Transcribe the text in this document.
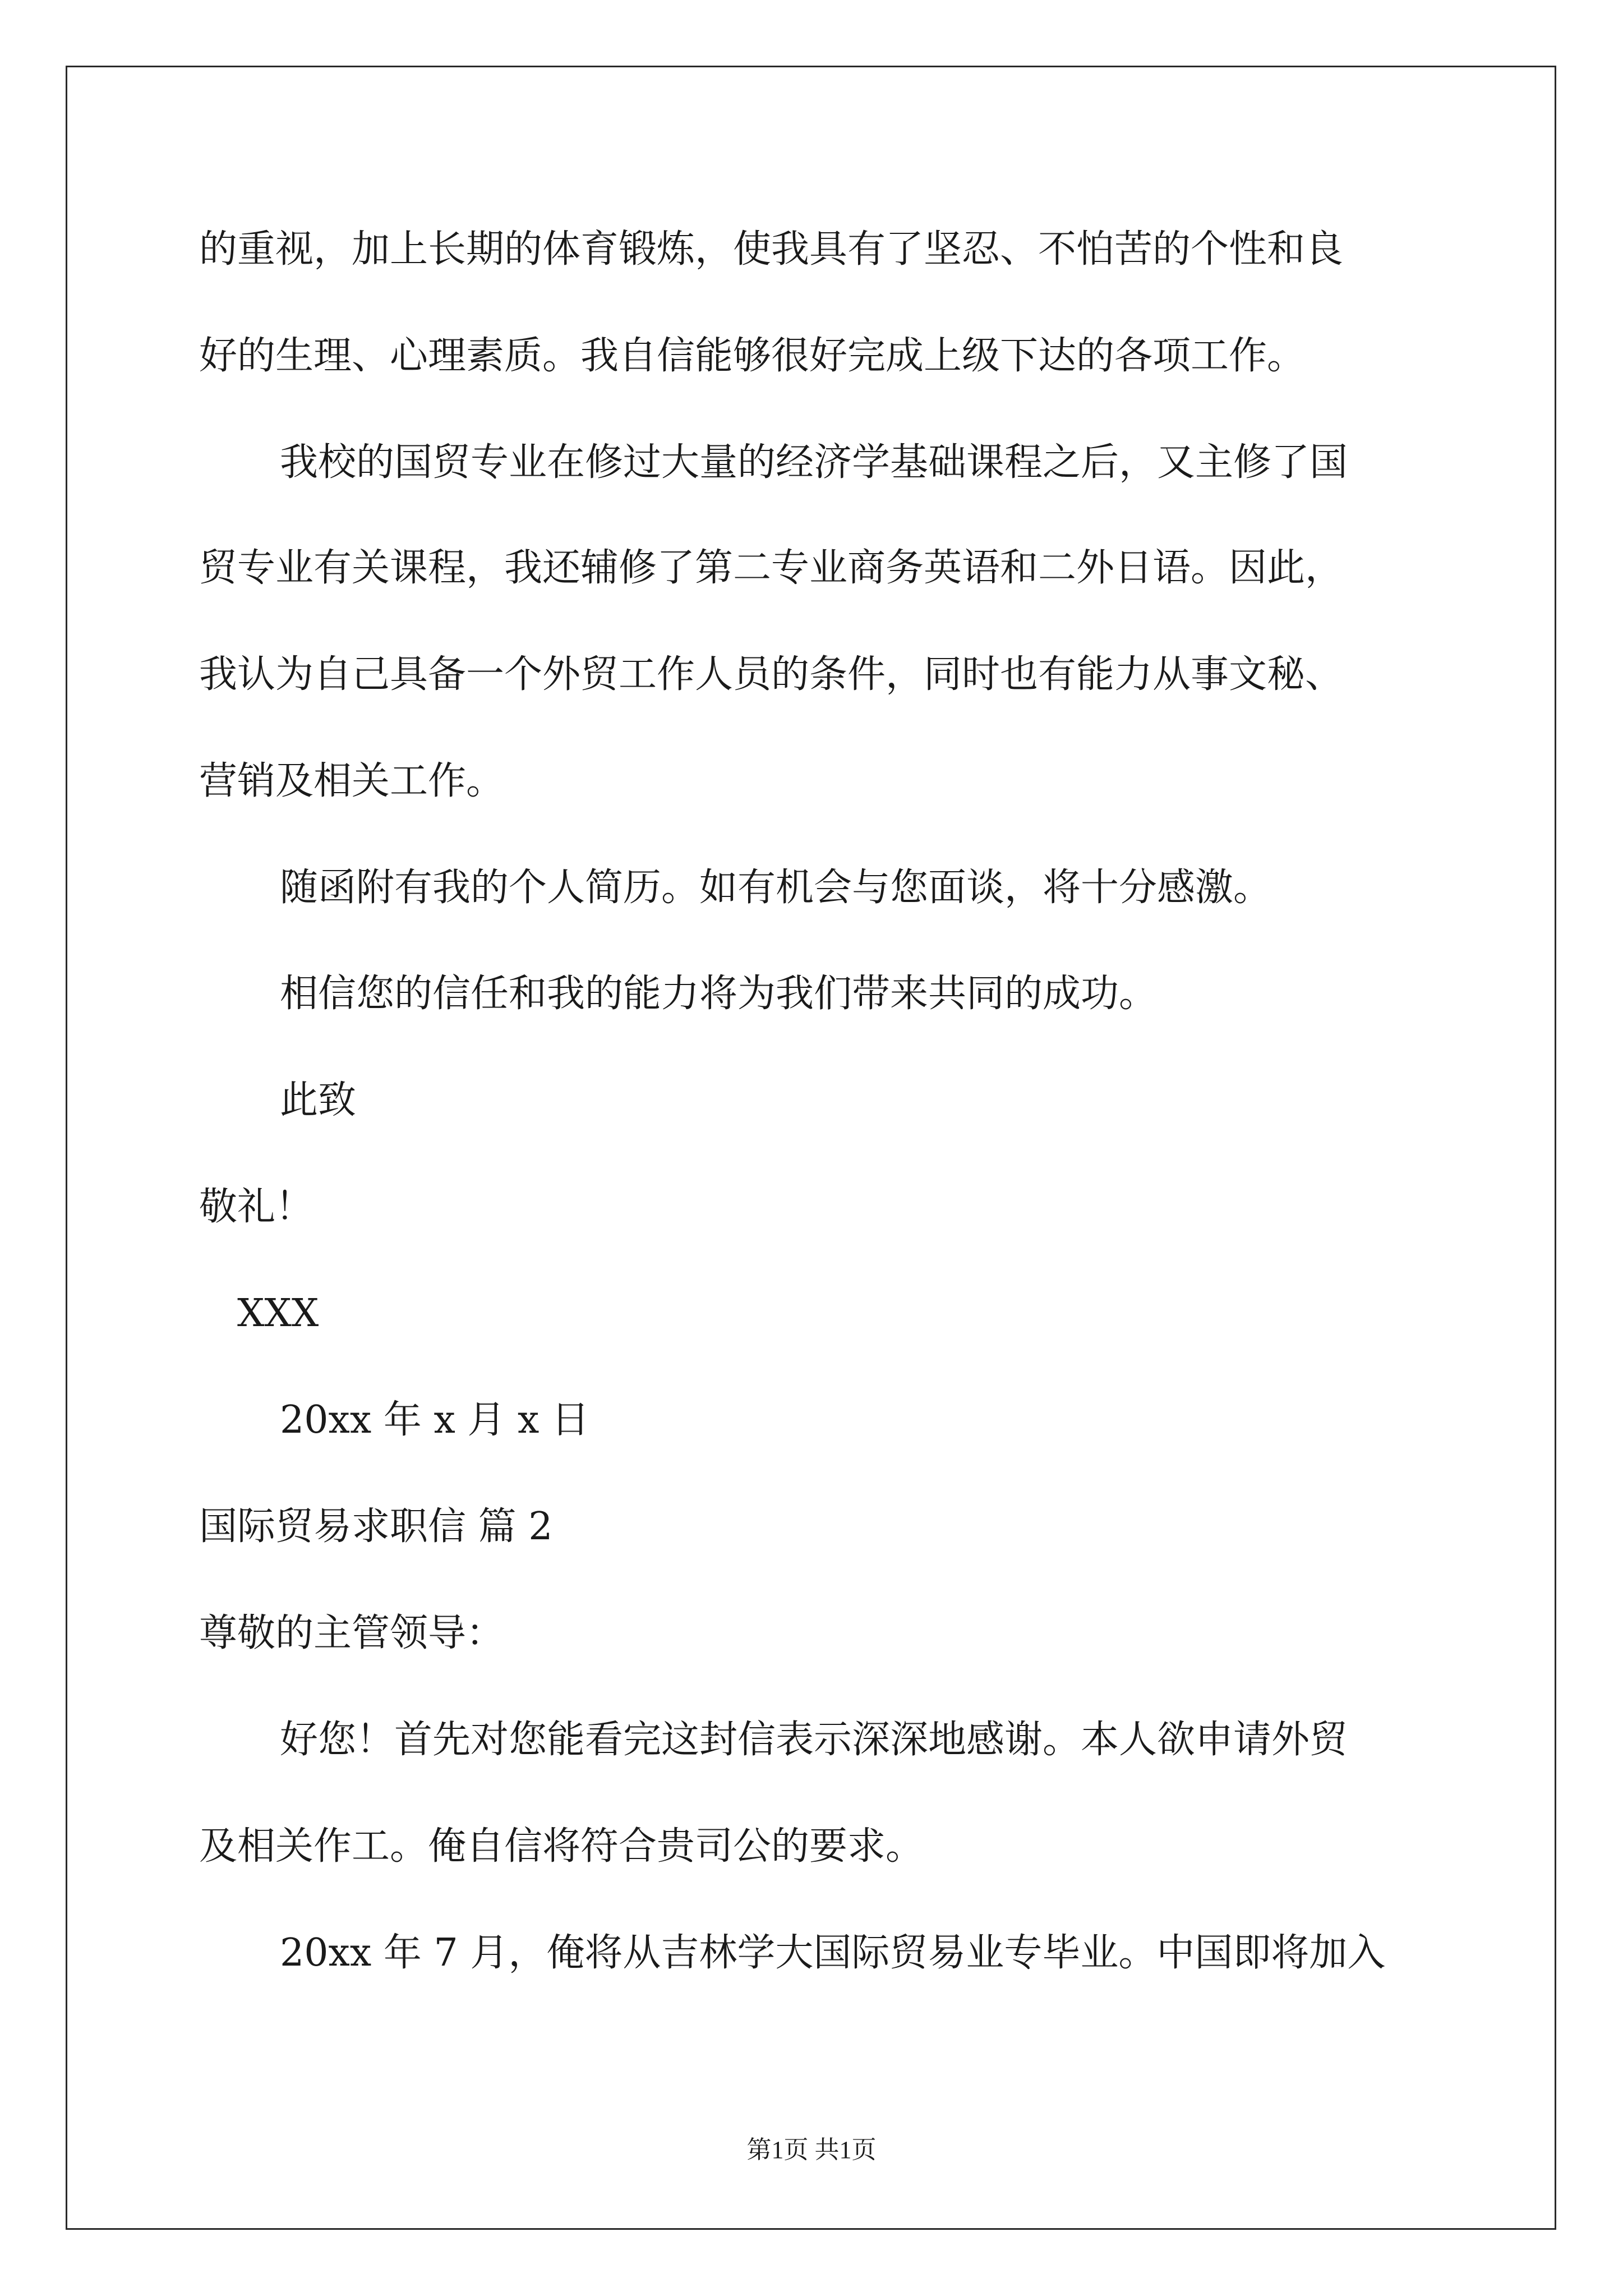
的重视，加上长期的体育锻炼，使我具有了坚忍、不怕苦的个性和良
好的生理、心理素质。我自信能够很好完成上级下达的各项工作。
我校的国贸专业在修过大量的经济学基础课程之后，又主修了国
贸专业有关课程，我还辅修了第二专业商务英语和二外日语。因此，
我认为自己具备一个外贸工作人员的条件，同时也有能力从事文秘、
营销及相关工作。
随函附有我的个人简历。如有机会与您面谈，将十分感激。
相信您的信任和我的能力将为我们带来共同的成功。
此致
敬礼！
XXX
20xx 年 x 月 x 日
国际贸易求职信 篇 2
尊敬的主管领导：
好您！首先对您能看完这封信表示深深地感谢。本人欲申请外贸
及相关作工。俺自信将符合贵司公的要求。
20xx 年 7 月，俺将从吉林学大国际贸易业专毕业。中国即将加入
第1页 共1页
